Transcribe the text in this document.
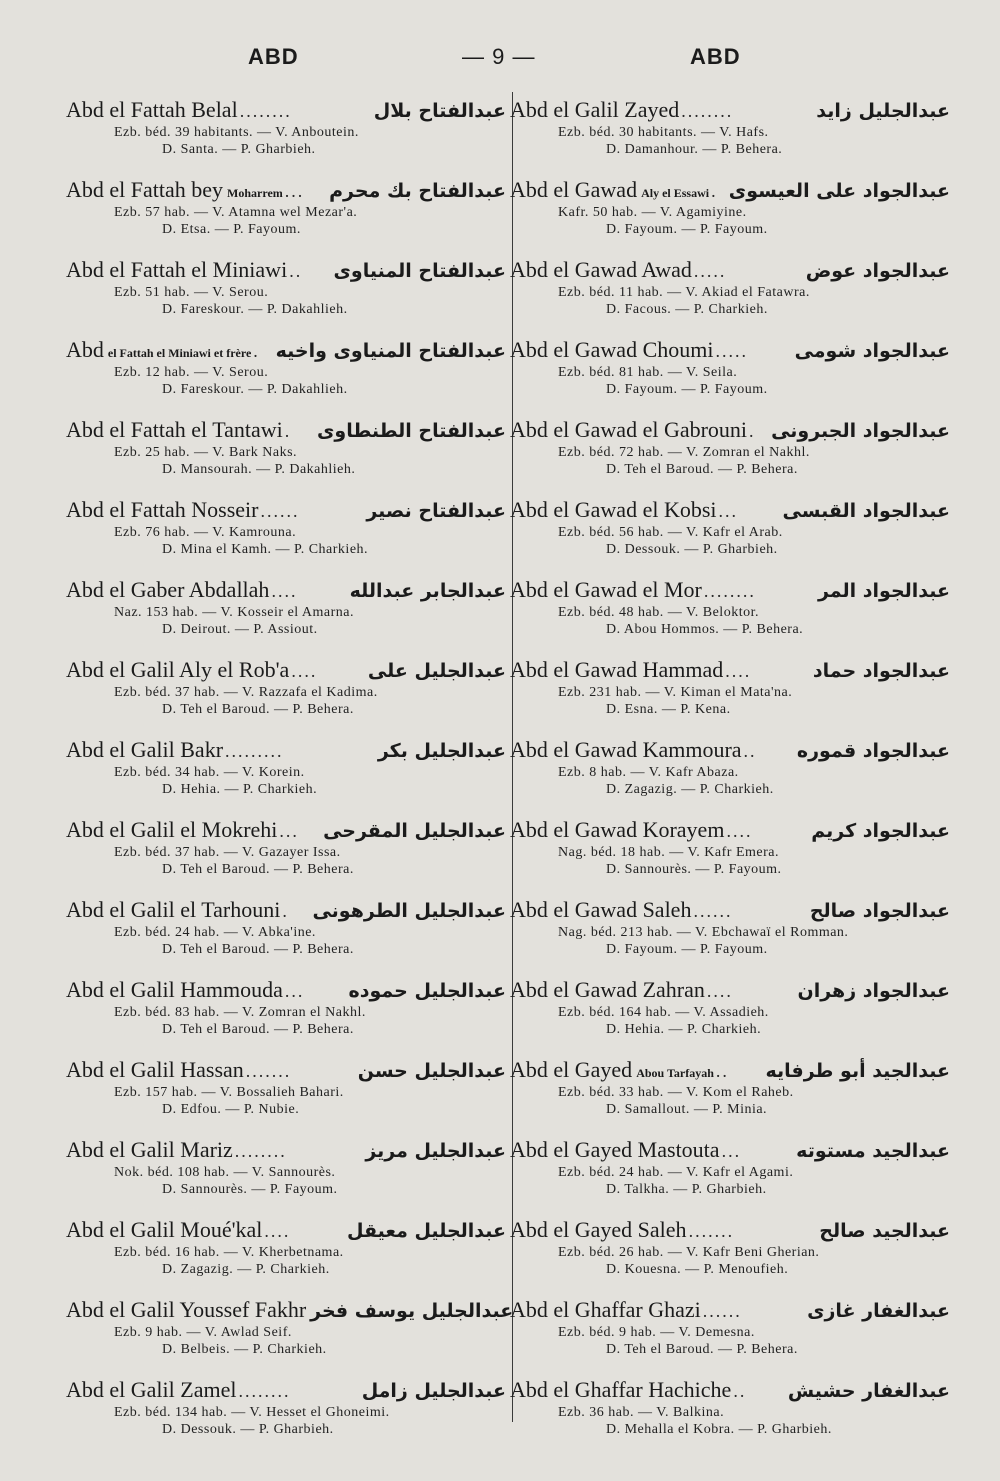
ABD	— 9 —	ABD
Abd el Fattah Belal ........	عبدالفتاح بلال
Ezb. béd. 39 habitants. — V. Anboutein.
D. Santa. — P. Gharbieh.
Abd el Fattah bey Moharrem ...	عبدالفتاح بك محرم
Ezb. 57 hab. — V. Atamna wel Mezar'a.
D. Etsa. — P. Fayoum.
Abd el Fattah el Miniawi ..	عبدالفتاح المنياوى
Ezb. 51 hab. — V. Serou.
D. Fareskour. — P. Dakahlieh.
Abd el Fattah el Miniawi et frère . عبدالفتاح المنياوى واخيه
Ezb. 12 hab. — V. Serou.
D. Fareskour. — P. Dakahlieh.
Abd el Fattah el Tantawi .	عبدالفتاح الطنطاوى
Ezb. 25 hab. — V. Bark Naks.
D. Mansourah. — P. Dakahlieh.
Abd el Fattah Nosseir ......	عبدالفتاح نصير
Ezb. 76 hab. — V. Kamrouna.
D. Mina el Kamh. — P. Charkieh.
Abd el Gaber Abdallah ....	عبدالجابر عبدالله
Naz. 153 hab. — V. Kosseir el Amarna.
D. Deirout. — P. Assiout.
Abd el Galil Aly el Rob'a ....	عبدالجليل على
Ezb. béd. 37 hab. — V. Razzafa el Kadima.
D. Teh el Baroud. — P. Behera.
Abd el Galil Bakr .........	عبدالجليل بكر
Ezb. béd. 34 hab. — V. Korein.
D. Hehia. — P. Charkieh.
Abd el Galil el Mokrehi ...	عبدالجليل المقرحى
Ezb. béd. 37 hab. — V. Gazayer Issa.
D. Teh el Baroud. — P. Behera.
Abd el Galil el Tarhouni .	عبدالجليل الطرهونى
Ezb. béd. 24 hab. — V. Abka'ine.
D. Teh el Baroud. — P. Behera.
Abd el Galil Hammouda ...	عبدالجليل حموده
Ezb. béd. 83 hab. — V. Zomran el Nakhl.
D. Teh el Baroud. — P. Behera.
Abd el Galil Hassan .......	عبدالجليل حسن
Ezb. 157 hab. — V. Bossalieh Bahari.
D. Edfou. — P. Nubie.
Abd el Galil Mariz ........	عبدالجليل مريز
Nok. béd. 108 hab. — V. Sannourès.
D. Sannourès. — P. Fayoum.
Abd el Galil Moué'kal ....	عبدالجليل معيقل
Ezb. béd. 16 hab. — V. Kherbetnama.
D. Zagazig. — P. Charkieh.
Abd el Galil Youssef Fakhr عبدالجليل يوسف فخر
Ezb. 9 hab. — V. Awlad Seif.
D. Belbeis. — P. Charkieh.
Abd el Galil Zamel ........	عبدالجليل زامل
Ezb. béd. 134 hab. — V. Hesset el Ghoneimi.
D. Dessouk. — P. Gharbieh.
Abd el Galil Zayed ........	عبدالجليل زايد
Ezb. béd. 30 habitants. — V. Hafs.
D. Damanhour. — P. Behera.
Abd el Gawad Aly el Essawi . عبدالجواد على العيسوى
Kafr. 50 hab. — V. Agamiyine.
D. Fayoum. — P. Fayoum.
Abd el Gawad Awad .....	عبدالجواد عوض
Ezb. béd. 11 hab. — V. Akiad el Fatawra.
D. Facous. — P. Charkieh.
Abd el Gawad Choumi .....	عبدالجواد شومى
Ezb. béd. 81 hab. — V. Seila.
D. Fayoum. — P. Fayoum.
Abd el Gawad el Gabrouni . عبدالجواد الجبرونى
Ezb. béd. 72 hab. — V. Zomran el Nakhl.
D. Teh el Baroud. — P. Behera.
Abd el Gawad el Kobsi ...	عبدالجواد القبسى
Ezb. béd. 56 hab. — V. Kafr el Arab.
D. Dessouk. — P. Gharbieh.
Abd el Gawad el Mor ........	عبدالجواد المر
Ezb. béd. 48 hab. — V. Beloktor.
D. Abou Hommos. — P. Behera.
Abd el Gawad Hammad ....	عبدالجواد حماد
Ezb. 231 hab. — V. Kiman el Mata'na.
D. Esna. — P. Kena.
Abd el Gawad Kammoura ..	عبدالجواد قموره
Ezb. 8 hab. — V. Kafr Abaza.
D. Zagazig. — P. Charkieh.
Abd el Gawad Korayem ....	عبدالجواد كريم
Nag. béd. 18 hab. — V. Kafr Emera.
D. Sannourès. — P. Fayoum.
Abd el Gawad Saleh ......	عبدالجواد صالح
Nag. béd. 213 hab. — V. Ebchawaï el Romman.
D. Fayoum. — P. Fayoum.
Abd el Gawad Zahran ....	عبدالجواد زهران
Ezb. béd. 164 hab. — V. Assadieh.
D. Hehia. — P. Charkieh.
Abd el Gayed Abou Tarfayah ..	عبدالجيد أبو طرفايه
Ezb. béd. 33 hab. — V. Kom el Raheb.
D. Samallout. — P. Minia.
Abd el Gayed Mastouta ...	عبدالجيد مستوته
Ezb. béd. 24 hab. — V. Kafr el Agami.
D. Talkha. — P. Gharbieh.
Abd el Gayed Saleh .......	عبدالجيد صالح
Ezb. béd. 26 hab. — V. Kafr Beni Gherian.
D. Kouesna. — P. Menoufieh.
Abd el Ghaffar Ghazi ......	عبدالغفار غازى
Ezb. béd. 9 hab. — V. Demesna.
D. Teh el Baroud. — P. Behera.
Abd el Ghaffar Hachiche ..	عبدالغفار حشيش
Ezb. 36 hab. — V. Balkina.
D. Mehalla el Kobra. — P. Gharbieh.
